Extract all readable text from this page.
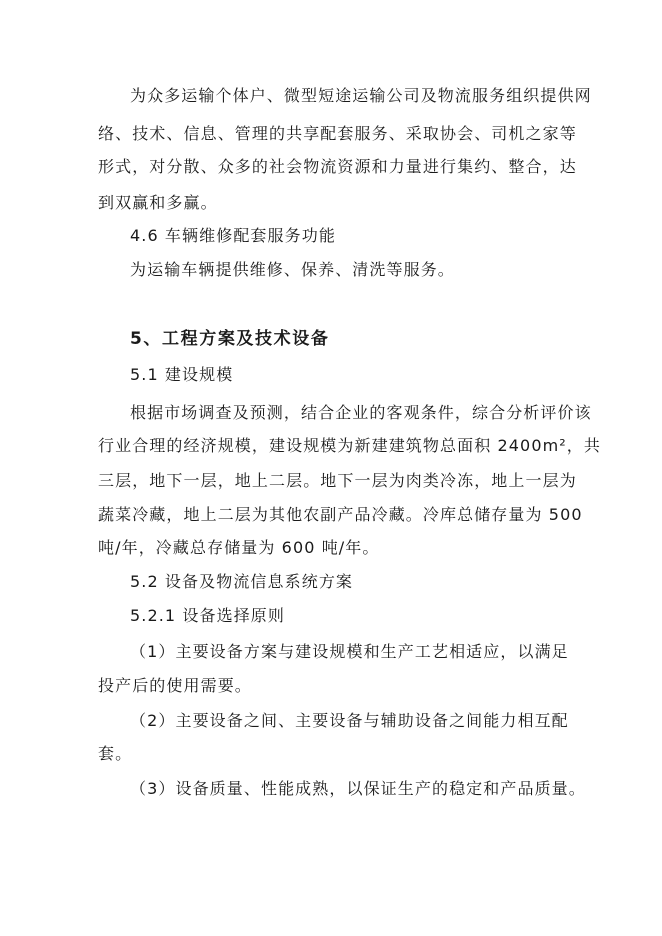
为众多运输个体户、微型短途运输公司及物流服务组织提供网
络、技术、信息、管理的共享配套服务、采取协会、司机之家等
形式，对分散、众多的社会物流资源和力量进行集约、整合，达
到双赢和多赢。
4.6 车辆维修配套服务功能
为运输车辆提供维修、保养、清洗等服务。
5、工程方案及技术设备
5.1 建设规模
根据市场调查及预测，结合企业的客观条件，综合分析评价该
行业合理的经济规模，建设规模为新建建筑物总面积 2400m²，共
三层，地下一层，地上二层。地下一层为肉类冷冻，地上一层为
蔬菜冷藏，地上二层为其他农副产品冷藏。冷库总储存量为 500
吨/年，冷藏总存储量为 600 吨/年。
5.2 设备及物流信息系统方案
5.2.1 设备选择原则
（1）主要设备方案与建设规模和生产工艺相适应，以满足
投产后的使用需要。
（2）主要设备之间、主要设备与辅助设备之间能力相互配
套。
（3）设备质量、性能成熟，以保证生产的稳定和产品质量。
